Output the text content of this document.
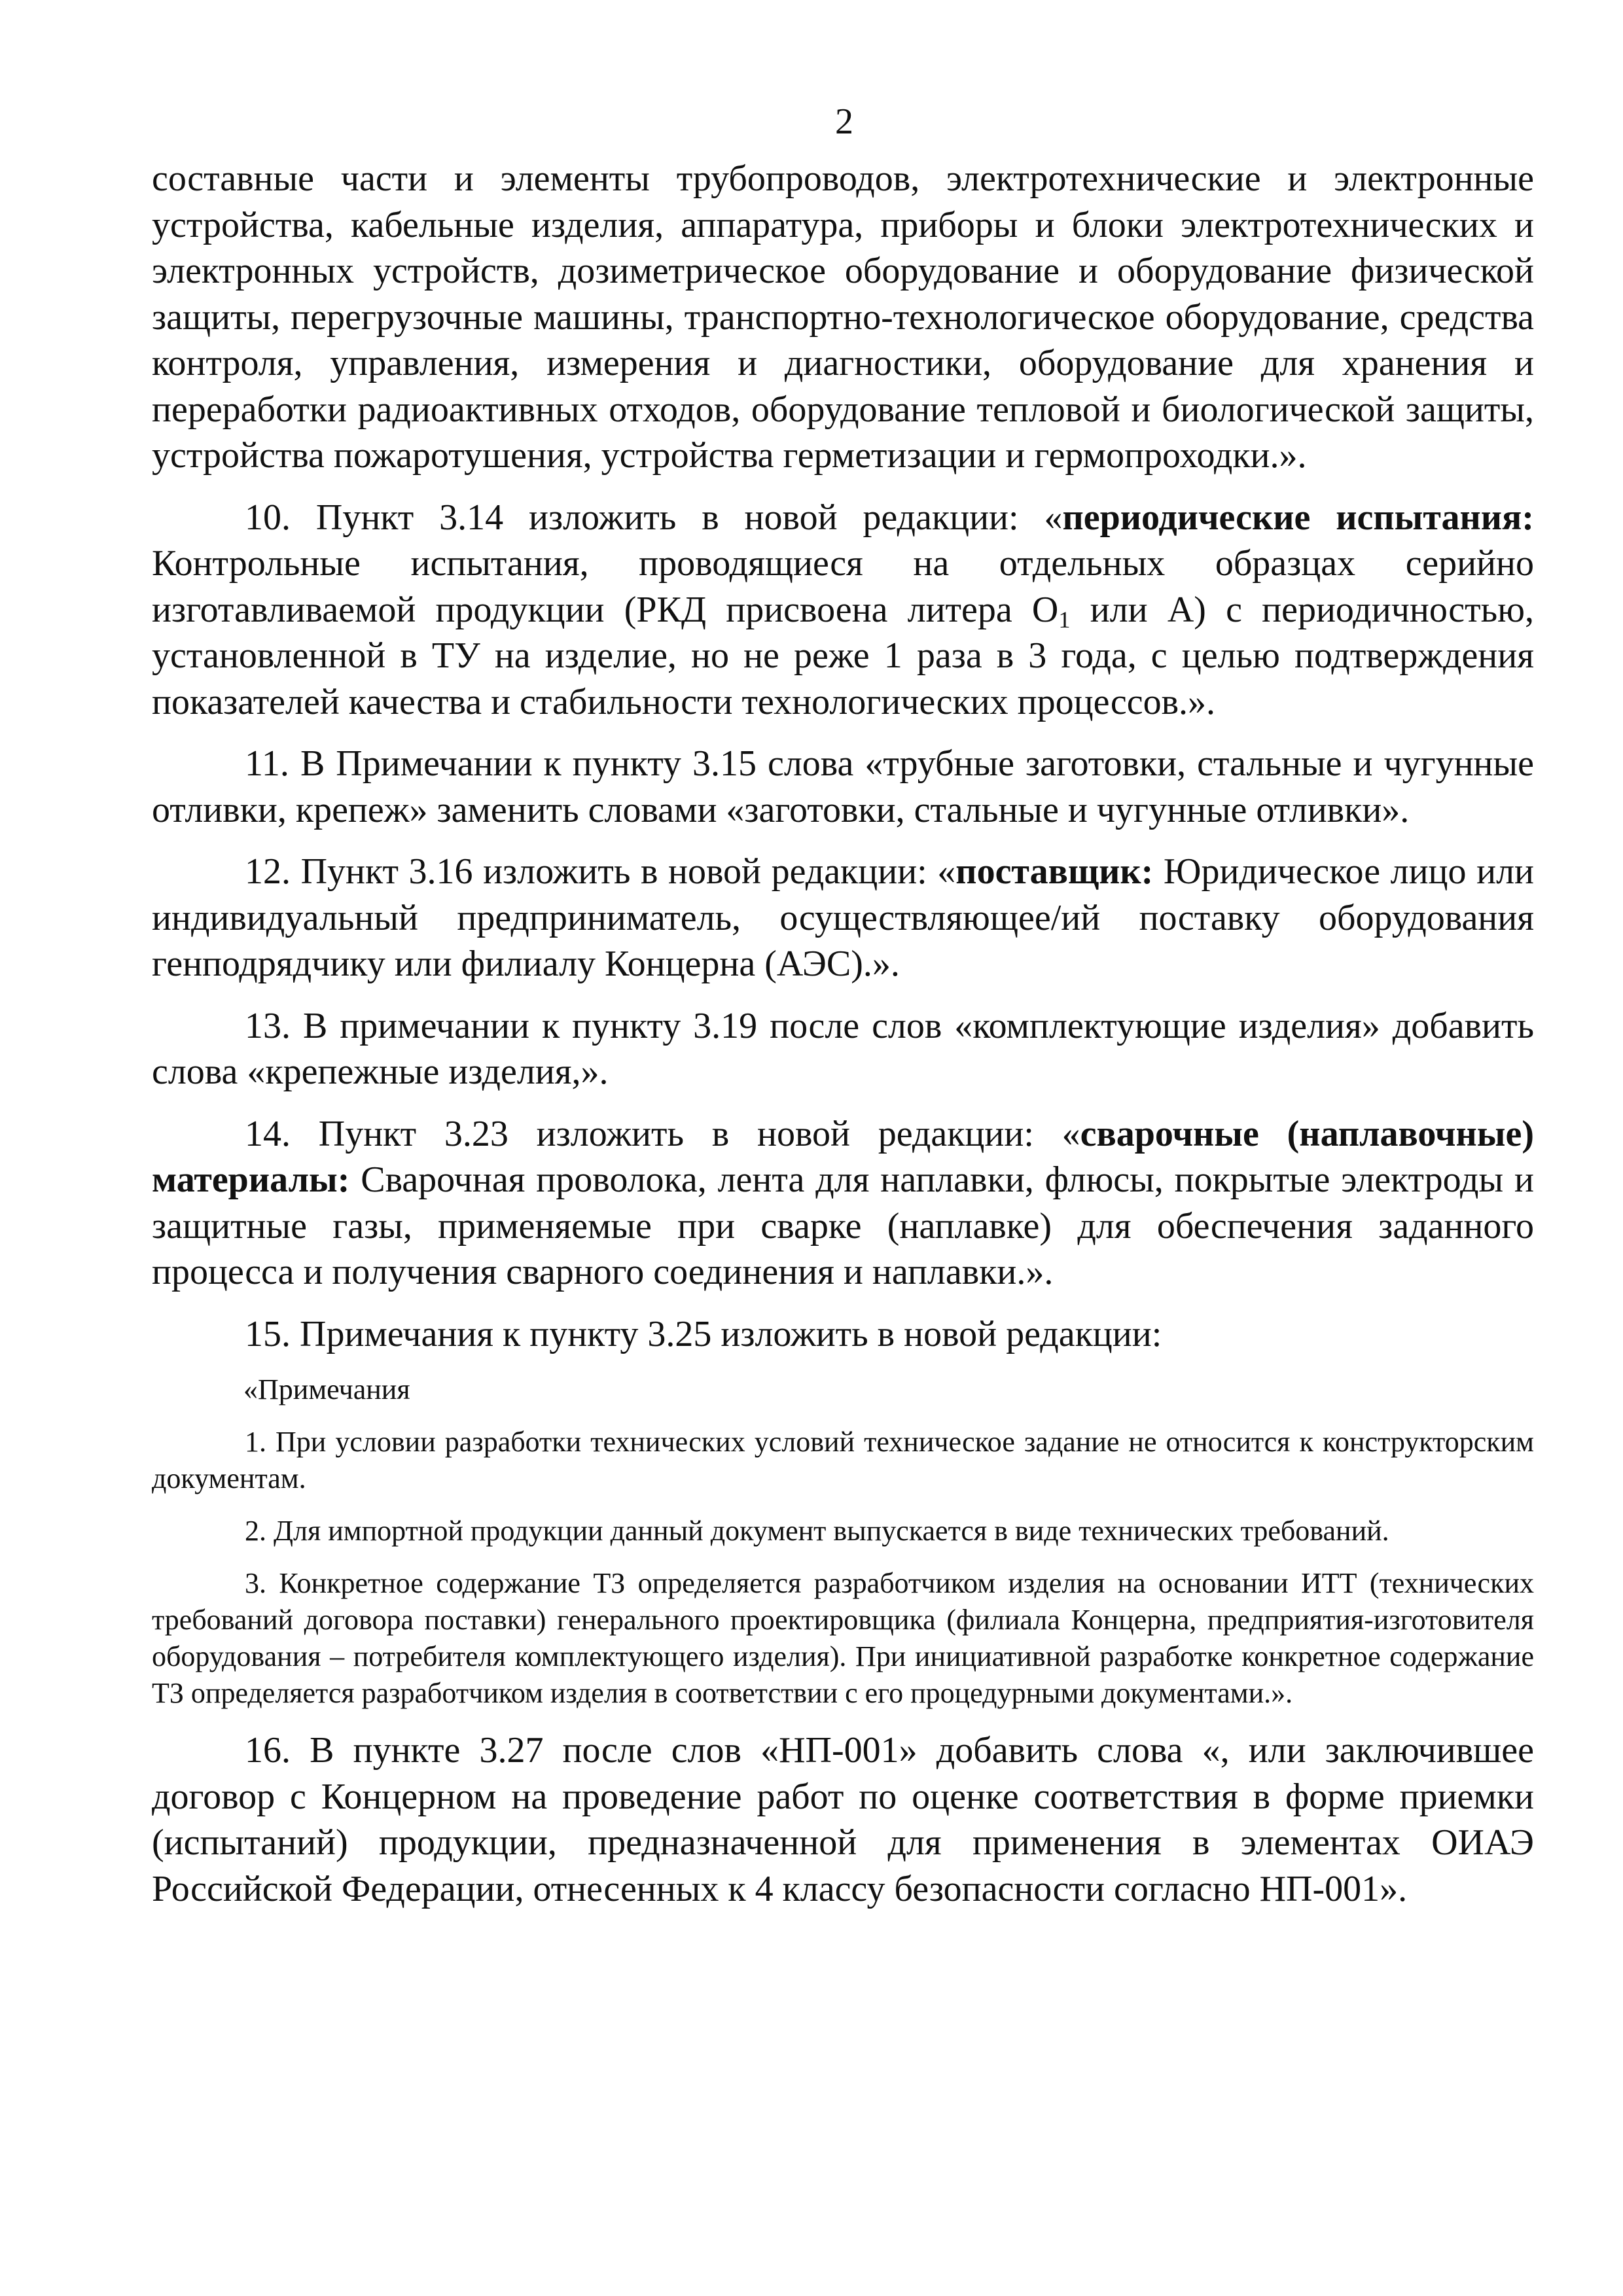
2

составные части и элементы трубопроводов, электротехнические и электронные устройства, кабельные изделия, аппаратура, приборы и блоки электротехнических и электронных устройств, дозиметрическое оборудование и оборудование физической защиты, перегрузочные машины, транспортно-технологическое оборудование, средства контроля, управления, измерения и диагностики, оборудование для хранения и переработки радиоактивных отходов, оборудование тепловой и биологической защиты, устройства пожаротушения, устройства герметизации и гермопроходки.».

10. Пункт 3.14 изложить в новой редакции: «периодические испытания: Контрольные испытания, проводящиеся на отдельных образцах серийно изготавливаемой продукции (РКД присвоена литера $О_1$ или А) с периодичностью, установленной в ТУ на изделие, но не реже 1 раза в 3 года, с целью подтверждения показателей качества и стабильности технологических процессов.».

11. В Примечании к пункту 3.15 слова «трубные заготовки, стальные и чугунные отливки, крепеж» заменить словами «заготовки, стальные и чугунные отливки».

12. Пункт 3.16 изложить в новой редакции: «поставщик: Юридическое лицо или индивидуальный предприниматель, осуществляющее/ий поставку оборудования генподрядчику или филиалу Концерна (АЭС).».

13. В примечании к пункту 3.19 после слов «комплектующие изделия» добавить слова «крепежные изделия,».

14. Пункт 3.23 изложить в новой редакции: «сварочные (наплавочные) материалы: Сварочная проволока, лента для наплавки, флюсы, покрытые электроды и защитные газы, применяемые при сварке (наплавке) для обеспечения заданного процесса и получения сварного соединения и наплавки.».

15. Примечания к пункту 3.25 изложить в новой редакции:

«Примечания

1. При условии разработки технических условий техническое задание не относится к конструкторским документам.

2. Для импортной продукции данный документ выпускается в виде технических требований.

3. Конкретное содержание ТЗ определяется разработчиком изделия на основании ИТТ (технических требований договора поставки) генерального проектировщика (филиала Концерна, предприятия-изготовителя оборудования – потребителя комплектующего изделия). При инициативной разработке конкретное содержание ТЗ определяется разработчиком изделия в соответствии с его процедурными документами.».

16. В пункте 3.27 после слов «НП-001» добавить слова «, или заключившее договор с Концерном на проведение работ по оценке соответствия в форме приемки (испытаний) продукции, предназначенной для применения в элементах ОИАЭ Российской Федерации, отнесенных к 4 классу безопасности согласно НП-001».
